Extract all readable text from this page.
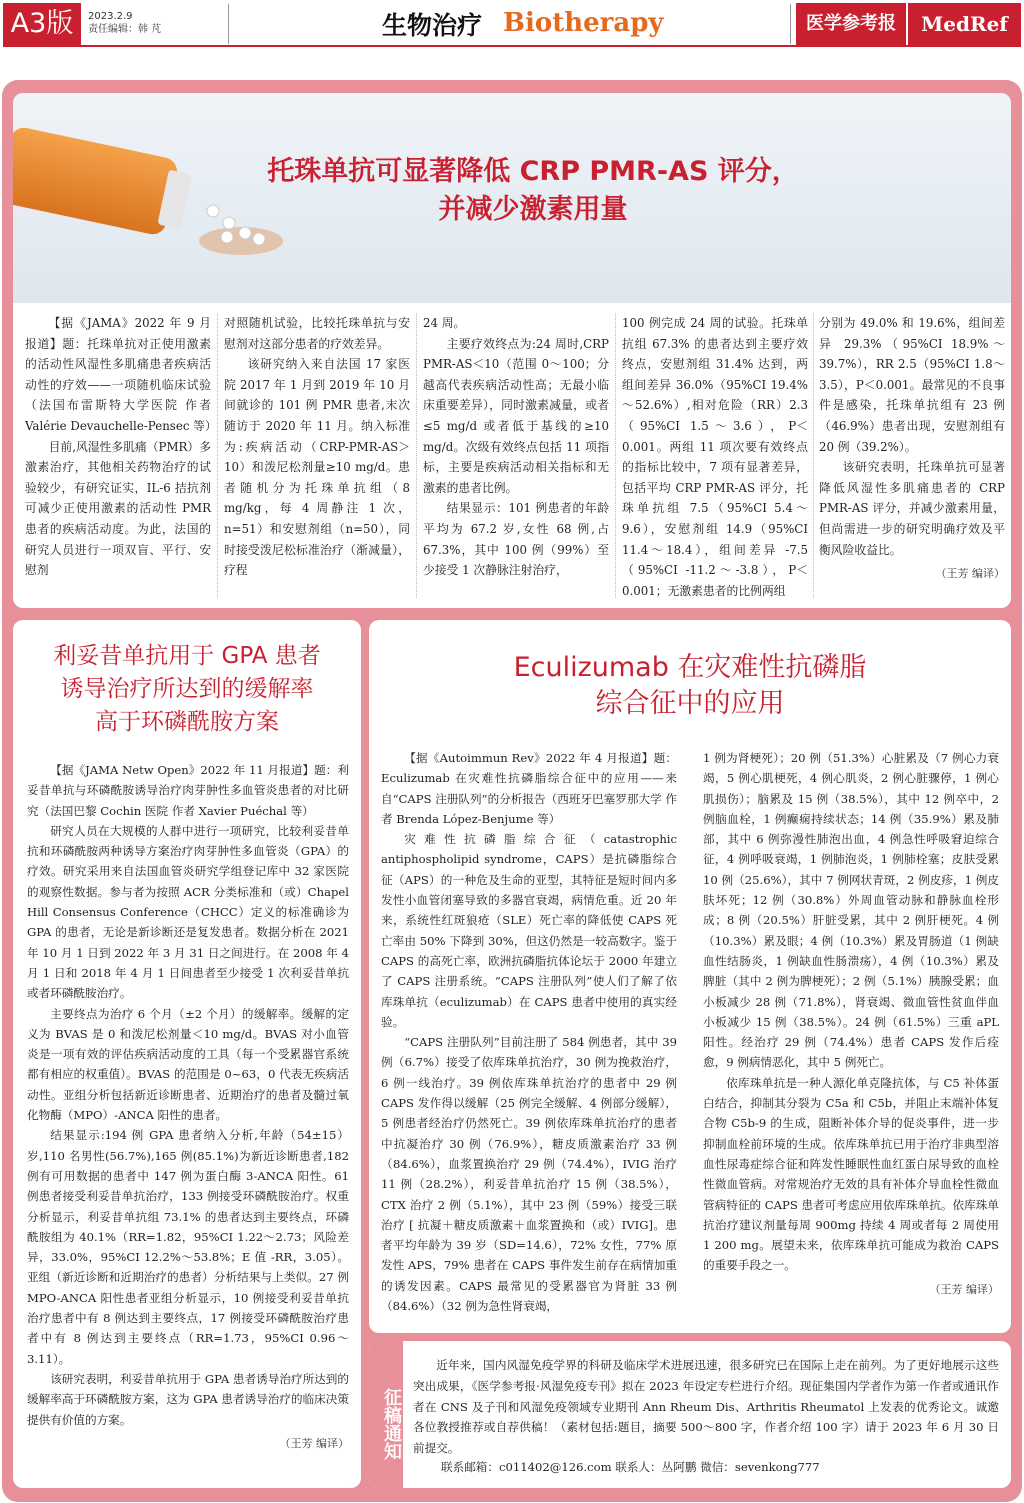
A3版	2023.2.9
责任编辑：韩 芃	生物治疗 Biotherapy	医学参考报	MedRef
托珠单抗可显著降低 CRP PMR-AS 评分，
并减少激素用量

【据《JAMA》2022 年 9 月报道】题：托珠单抗对正使用激素的活动性风湿性多肌痛患者疾病活动性的疗效——一项随机临床试验（法国布雷斯特大学医院 作者 Valérie Devauchelle-Pensec 等）

目前,风湿性多肌痛（PMR）多激素治疗，其他相关药物治疗的试验较少，有研究证实，IL-6 拮抗剂可减少正使用激素的活动性 PMR 患者的疾病活动度。为此，法国的研究人员进行一项双盲、平行、安慰剂

对照随机试验，比较托珠单抗与安慰剂对这部分患者的疗效差异。

该研究纳入来自法国 17 家医院 2017 年 1 月到 2019 年 10 月间就诊的 101 例 PMR 患者,末次随访于 2020 年 11 月。纳入标准为:疾病活动（CRP-PMR-AS＞10）和泼尼松剂量≥10 mg/d。患者随机分为托珠单抗组（8 mg/kg，每 4 周静注 1 次，n=51）和安慰剂组（n=50），同时接受泼尼松标准治疗（渐减量），疗程

24 周。

主要疗效终点为:24 周时,CRP PMR-AS＜10（范围 0～100；分越高代表疾病活动性高；无最小临床重要差异），同时激素减量，或者≤5 mg/d 或者低于基线的≥10 mg/d。次级有效终点包括 11 项指标，主要是疾病活动相关指标和无激素的患者比例。

结果显示：101 例患者的年龄平均为 67.2 岁,女性 68 例,占 67.3%，其中 100 例（99%）至少接受 1 次静脉注射治疗，

100 例完成 24 周的试验。托珠单抗组 67.3% 的患者达到主要疗效终点，安慰剂组 31.4% 达到，两组间差异 36.0%（95%CI 19.4%～52.6%）,相对危险（RR）2.3（95%CI 1.5～3.6），P＜0.001。两组 11 项次要有效终点的指标比较中，7 项有显著差异，包括平均 CRP PMR-AS 评分，托珠单抗组 7.5（95%CI 5.4～9.6），安慰剂组 14.9（95%CI 11.4～18.4），组间差异 -7.5（95%CI -11.2～-3.8），P＜0.001；无激素患者的比例两组

分别为 49.0% 和 19.6%，组间差异 29.3%（95%CI 18.9%～39.7%），RR 2.5（95%CI 1.8～3.5），P＜0.001。最常见的不良事件是感染，托珠单抗组有 23 例（46.9%）患者出现，安慰剂组有 20 例（39.2%）。

该研究表明，托珠单抗可显著降低风湿性多肌痛患者的 CRP PMR-AS 评分，并减少激素用量，但尚需进一步的研究明确疗效及平衡风险收益比。

（王芳 编译）
利妥昔单抗用于 GPA 患者
诱导治疗所达到的缓解率
高于环磷酰胺方案

【据《JAMA Netw Open》2022 年 11 月报道】题：利妥昔单抗与环磷酰胺诱导治疗肉芽肿性多血管炎患者的对比研究（法国巴黎 Cochin 医院 作者 Xavier Puéchal 等）

研究人员在大规模的人群中进行一项研究，比较利妥昔单抗和环磷酰胺两种诱导方案治疗肉芽肿性多血管炎（GPA）的疗效。研究采用来自法国血管炎研究学组登记库中 32 家医院的观察性数据。参与者为按照 ACR 分类标准和（或）Chapel Hill Consensus Conference（CHCC）定义的标准确诊为 GPA 的患者，无论是新诊断还是复发患者。数据分析在 2021 年 10 月 1 日到 2022 年 3 月 31 日之间进行。在 2008 年 4 月 1 日和 2018 年 4 月 1 日间患者至少接受 1 次利妥昔单抗或者环磷酰胺治疗。

主要终点为治疗 6 个月（±2 个月）的缓解率。缓解的定义为 BVAS 是 0 和泼尼松剂量＜10 mg/d。BVAS 对小血管炎是一项有效的评估疾病活动度的工具（每一个受累器官系统都有相应的权重值）。BVAS 的范围是 0~63，0 代表无疾病活动性。亚组分析包括新近诊断患者、近期治疗的患者及髓过氧化物酶（MPO）-ANCA 阳性的患者。

结果显示:194 例 GPA 患者纳入分析,年龄（54±15）岁,110 名男性(56.7%),165 例(85.1%)为新近诊断患者,182 例有可用数据的患者中 147 例为蛋白酶 3-ANCA 阳性。61 例患者接受利妥昔单抗治疗，133 例接受环磷酰胺治疗。权重分析显示，利妥昔单抗组 73.1% 的患者达到主要终点，环磷酰胺组为 40.1%（RR=1.82，95%CI 1.22～2.73；风险差异，33.0%，95%CI 12.2%～53.8%；E 值 -RR，3.05）。亚组（新近诊断和近期治疗的患者）分析结果与上类似。27 例 MPO-ANCA 阳性患者亚组分析显示，10 例接受利妥昔单抗治疗患者中有 8 例达到主要终点，17 例接受环磷酰胺治疗患者中有 8 例达到主要终点（RR=1.73，95%CI 0.96～3.11）。

该研究表明，利妥昔单抗用于 GPA 患者诱导治疗所达到的缓解率高于环磷酰胺方案，这为 GPA 患者诱导治疗的临床决策提供有价值的方案。

（王芳 编译）
Eculizumab 在灾难性抗磷脂
综合征中的应用

【据《Autoimmun Rev》2022 年 4 月报道】题：Eculizumab 在灾难性抗磷脂综合征中的应用——来自“CAPS 注册队列”的分析报告（西班牙巴塞罗那大学 作者 Brenda López-Benjume 等）

灾难性抗磷脂综合征（catastrophic antiphospholipid syndrome，CAPS）是抗磷脂综合征（APS）的一种危及生命的亚型，其特征是短时间内多发性小血管闭塞导致的多器官衰竭，病情危重。近 20 年来，系统性红斑狼疮（SLE）死亡率的降低使 CAPS 死亡率由 50% 下降到 30%，但这仍然是一较高数字。鉴于 CAPS 的高死亡率，欧洲抗磷脂抗体论坛于 2000 年建立了 CAPS 注册系统。“CAPS 注册队列”使人们了解了依库珠单抗（eculizumab）在 CAPS 患者中使用的真实经验。

“CAPS 注册队列”目前注册了 584 例患者，其中 39 例（6.7%）接受了依库珠单抗治疗，30 例为挽救治疗，6 例一线治疗。39 例依库珠单抗治疗的患者中 29 例 CAPS 发作得以缓解（25 例完全缓解、4 例部分缓解），5 例患者经治疗仍然死亡。39 例依库珠单抗治疗的患者中抗凝治疗 30 例（76.9%），糖皮质激素治疗 33 例（84.6%），血浆置换治疗 29 例（74.4%），IVIG 治疗 11 例（28.2%），利妥昔单抗治疗 15 例（38.5%），CTX 治疗 2 例（5.1%），其中 23 例（59%）接受三联治疗 [ 抗凝＋糖皮质激素＋血浆置换和（或）IVIG]。患者平均年龄为 39 岁（SD=14.6），72% 女性，77% 原发性 APS，79% 患者在 CAPS 事件发生前存在病情加重的诱发因素。CAPS 最常见的受累器官为肾脏 33 例（84.6%）（32 例为急性肾衰竭，

1 例为肾梗死）；20 例（51.3%）心脏累及（7 例心力衰竭，5 例心肌梗死，4 例心肌炎，2 例心脏骤停，1 例心肌损伤）；脑累及 15 例（38.5%），其中 12 例卒中，2 例脑血栓，1 例癫痫持续状态；14 例（35.9%）累及肺部，其中 6 例弥漫性肺泡出血，4 例急性呼吸窘迫综合征，4 例呼吸衰竭，1 例肺泡炎，1 例肺栓塞；皮肤受累 10 例（25.6%），其中 7 例网状青斑，2 例皮疹，1 例皮肤坏死；12 例（30.8%）外周血管动脉和静脉血栓形成；8 例（20.5%）肝脏受累，其中 2 例肝梗死。4 例（10.3%）累及眼；4 例（10.3%）累及胃肠道（1 例缺血性结肠炎，1 例缺血性肠溃疡），4 例（10.3%）累及脾脏（其中 2 例为脾梗死）；2 例（5.1%）胰腺受累；血小板减少 28 例（71.8%），肾衰竭、微血管性贫血伴血小板减少 15 例（38.5%）。24 例（61.5%）三重 aPL 阳性。经治疗 29 例（74.4%）患者 CAPS 发作后痊愈，9 例病情恶化，其中 5 例死亡。

依库珠单抗是一种人源化单克隆抗体，与 C5 补体蛋白结合，抑制其分裂为 C5a 和 C5b，并阻止末端补体复合物 C5b-9 的生成，阻断补体介导的促炎事件，进一步抑制血栓前环境的生成。依库珠单抗已用于治疗非典型溶血性尿毒症综合征和阵发性睡眠性血红蛋白尿导致的血栓性微血管病。对常规治疗无效的具有补体介导血栓性微血管病特征的 CAPS 患者可考虑应用依库珠单抗。依库珠单抗治疗建议剂量每周 900mg 持续 4 周或者每 2 周使用 1 200 mg。展望未来，依库珠单抗可能成为救治 CAPS 的重要手段之一。

（王芳 编译）
征稿通知

近年来，国内风湿免疫学界的科研及临床学术进展迅速，很多研究已在国际上走在前列。为了更好地展示这些突出成果，《医学参考报·风湿免疫专刊》拟在 2023 年设定专栏进行介绍。现征集国内学者作为第一作者或通讯作者在 CNS 及子刊和风湿免疫领域专业期刊 Ann Rheum Dis、Arthritis Rheumatol 上发表的优秀论文。诚邀各位教授推荐或自荐供稿！（素材包括:题目，摘要 500～800 字，作者介绍 100 字）请于 2023 年 6 月 30 日前提交。

联系邮箱：c011402@126.com 联系人：丛阿鹏 微信：sevenkong777
